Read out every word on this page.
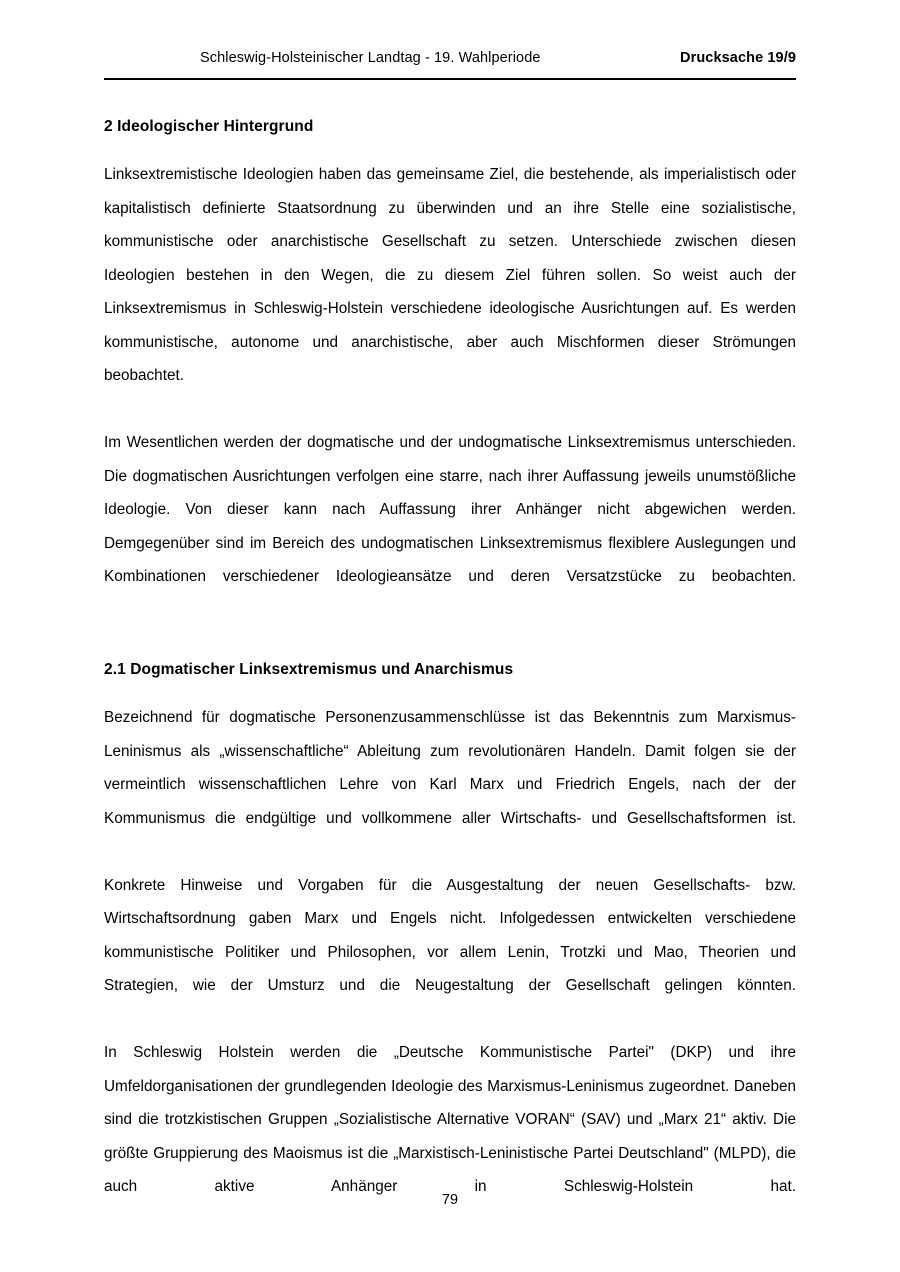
Schleswig-Holsteinischer Landtag - 19. Wahlperiode	Drucksache 19/9
2 Ideologischer Hintergrund

Linksextremistische Ideologien haben das gemeinsame Ziel, die bestehende, als imperialistisch oder kapitalistisch definierte Staatsordnung zu überwinden und an ihre Stelle eine sozialistische, kommunistische oder anarchistische Gesellschaft zu setzen. Unterschiede zwischen diesen Ideologien bestehen in den Wegen, die zu diesem Ziel führen sollen. So weist auch der Linksextremismus in Schleswig-Holstein verschiedene ideologische Ausrichtungen auf. Es werden kommunistische, autonome und anarchistische, aber auch Mischformen dieser Strömungen beobachtet.

Im Wesentlichen werden der dogmatische und der undogmatische Linksextremismus unterschieden. Die dogmatischen Ausrichtungen verfolgen eine starre, nach ihrer Auffassung jeweils unumstößliche Ideologie. Von dieser kann nach Auffassung ihrer Anhänger nicht abgewichen werden. Demgegenüber sind im Bereich des undogmatischen Linksextremismus flexiblere Auslegungen und Kombinationen verschiedener Ideologieansätze und deren Versatzstücke zu beobachten.

2.1 Dogmatischer Linksextremismus und Anarchismus

Bezeichnend für dogmatische Personenzusammenschlüsse ist das Bekenntnis zum Marxismus-Leninismus als „wissenschaftliche“ Ableitung zum revolutionären Handeln. Damit folgen sie der vermeintlich wissenschaftlichen Lehre von Karl Marx und Friedrich Engels, nach der der Kommunismus die endgültige und vollkommene aller Wirtschafts- und Gesellschaftsformen ist.

Konkrete Hinweise und Vorgaben für die Ausgestaltung der neuen Gesellschafts- bzw. Wirtschaftsordnung gaben Marx und Engels nicht. Infolgedessen entwickelten verschiedene kommunistische Politiker und Philosophen, vor allem Lenin, Trotzki und Mao, Theorien und Strategien, wie der Umsturz und die Neugestaltung der Gesellschaft gelingen könnten.

In Schleswig Holstein werden die „Deutsche Kommunistische Partei" (DKP) und ihre Umfeldorganisationen der grundlegenden Ideologie des Marxismus-Leninismus zugeordnet. Daneben sind die trotzkistischen Gruppen „Sozialistische Alternative VORAN“ (SAV) und „Marx 21“ aktiv. Die größte Gruppierung des Maoismus ist die „Marxistisch-Leninistische Partei Deutschland" (MLPD), die auch aktive Anhänger in Schleswig-Holstein hat.

79
